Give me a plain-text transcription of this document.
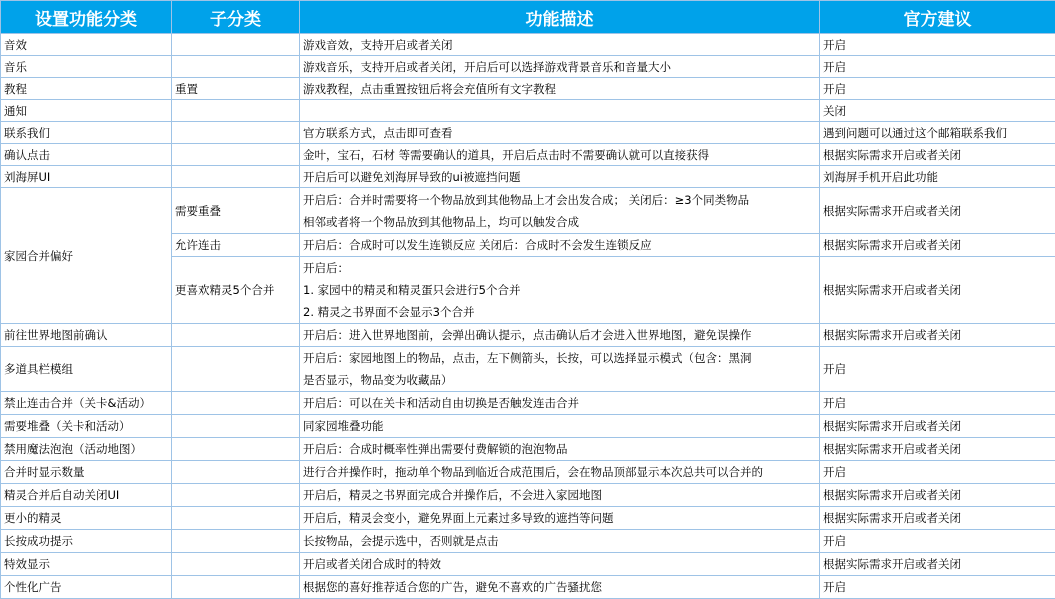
设置功能分类	子分类	功能描述	官方建议
音效		游戏音效，支持开启或者关闭	开启
音乐		游戏音乐，支持开启或者关闭，开启后可以选择游戏背景音乐和音量大小	开启
教程	重置	游戏教程，点击重置按钮后将会充值所有文字教程	开启
通知			关闭
联系我们		官方联系方式，点击即可查看	遇到问题可以通过这个邮箱联系我们
确认点击		金叶，宝石，石材 等需要确认的道具，开启后点击时不需要确认就可以直接获得	根据实际需求开启或者关闭
刘海屏UI		开启后可以避免刘海屏导致的ui被遮挡问题	刘海屏手机开启此功能
家园合并偏好	需要重叠	开启后：合并时需要将一个物品放到其他物品上才会出发合成； 关闭后：≥3个同类物品
相邻或者将一个物品放到其他物品上，均可以触发合成	根据实际需求开启或者关闭
	允许连击	开启后：合成时可以发生连锁反应 关闭后：合成时不会发生连锁反应	根据实际需求开启或者关闭
	更喜欢精灵5个合并	开启后：
1. 家园中的精灵和精灵蛋只会进行5个合并
2. 精灵之书界面不会显示3个合并	根据实际需求开启或者关闭
前往世界地图前确认		开启后：进入世界地图前，会弹出确认提示，点击确认后才会进入世界地图，避免误操作	根据实际需求开启或者关闭
多道具栏模组		开启后：家园地图上的物品，点击，左下侧箭头，长按，可以选择显示模式（包含：黑洞
是否显示，物品变为收藏品）	开启
禁止连击合并（关卡&活动）		开启后：可以在关卡和活动自由切换是否触发连击合并	开启
需要堆叠（关卡和活动）		同家园堆叠功能	根据实际需求开启或者关闭
禁用魔法泡泡（活动地图）		开启后：合成时概率性弹出需要付费解锁的泡泡物品	根据实际需求开启或者关闭
合并时显示数量		进行合并操作时，拖动单个物品到临近合成范围后，会在物品顶部显示本次总共可以合并的	开启
精灵合并后自动关闭UI		开启后，精灵之书界面完成合并操作后，不会进入家园地图	根据实际需求开启或者关闭
更小的精灵		开启后，精灵会变小，避免界面上元素过多导致的遮挡等问题	根据实际需求开启或者关闭
长按成功提示		长按物品，会提示选中，否则就是点击	开启
特效显示		开启或者关闭合成时的特效	根据实际需求开启或者关闭
个性化广告		根据您的喜好推荐适合您的广告，避免不喜欢的广告骚扰您	开启
